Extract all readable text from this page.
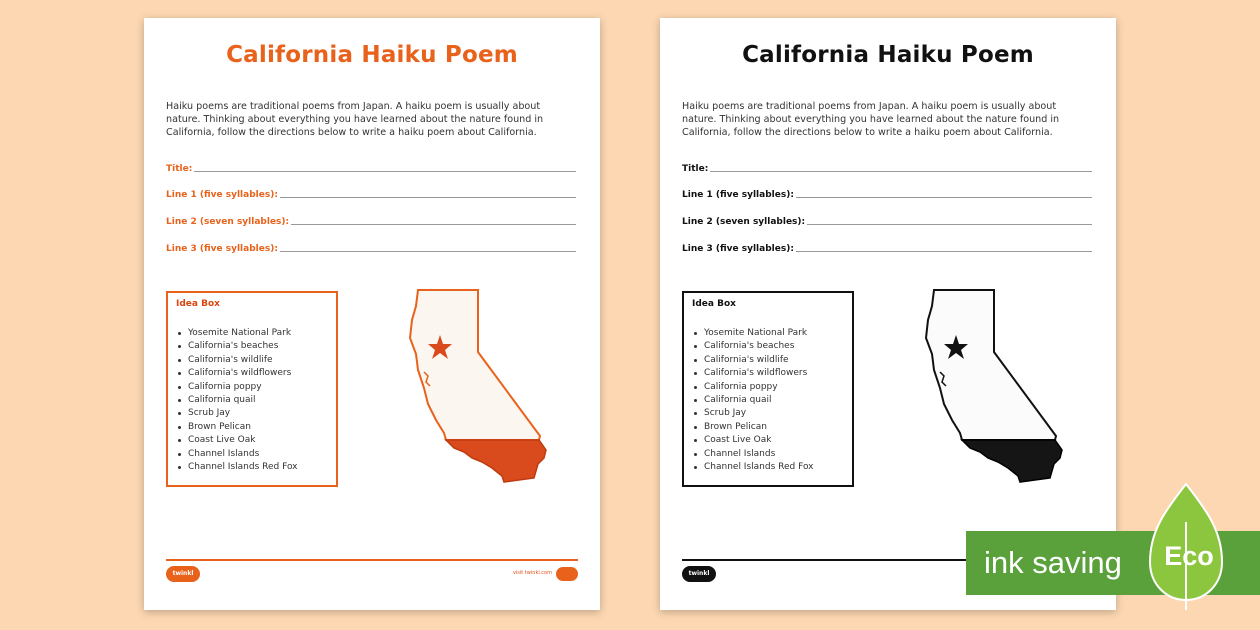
California Haiku Poem
Haiku poems are traditional poems from Japan. A haiku poem is usually about nature. Thinking about everything you have learned about the nature found in California, follow the directions below to write a haiku poem about California.
Title:
Line 1 (five syllables):
Line 2 (seven syllables):
Line 3 (five syllables):
Idea Box
Yosemite National Park
California's beaches
California's wildlife
California's wildflowers
California poppy
California quail
Scrub Jay
Brown Pelican
Coast Live Oak
Channel Islands
Channel Islands Red Fox
twinkl	visit twinkl.com
California Haiku Poem
Haiku poems are traditional poems from Japan. A haiku poem is usually about nature. Thinking about everything you have learned about the nature found in California, follow the directions below to write a haiku poem about California.
Title:
Line 1 (five syllables):
Line 2 (seven syllables):
Line 3 (five syllables):
Idea Box
Yosemite National Park
California's beaches
California's wildlife
California's wildflowers
California poppy
California quail
Scrub Jay
Brown Pelican
Coast Live Oak
Channel Islands
Channel Islands Red Fox
twinkl	ink saving Eco
